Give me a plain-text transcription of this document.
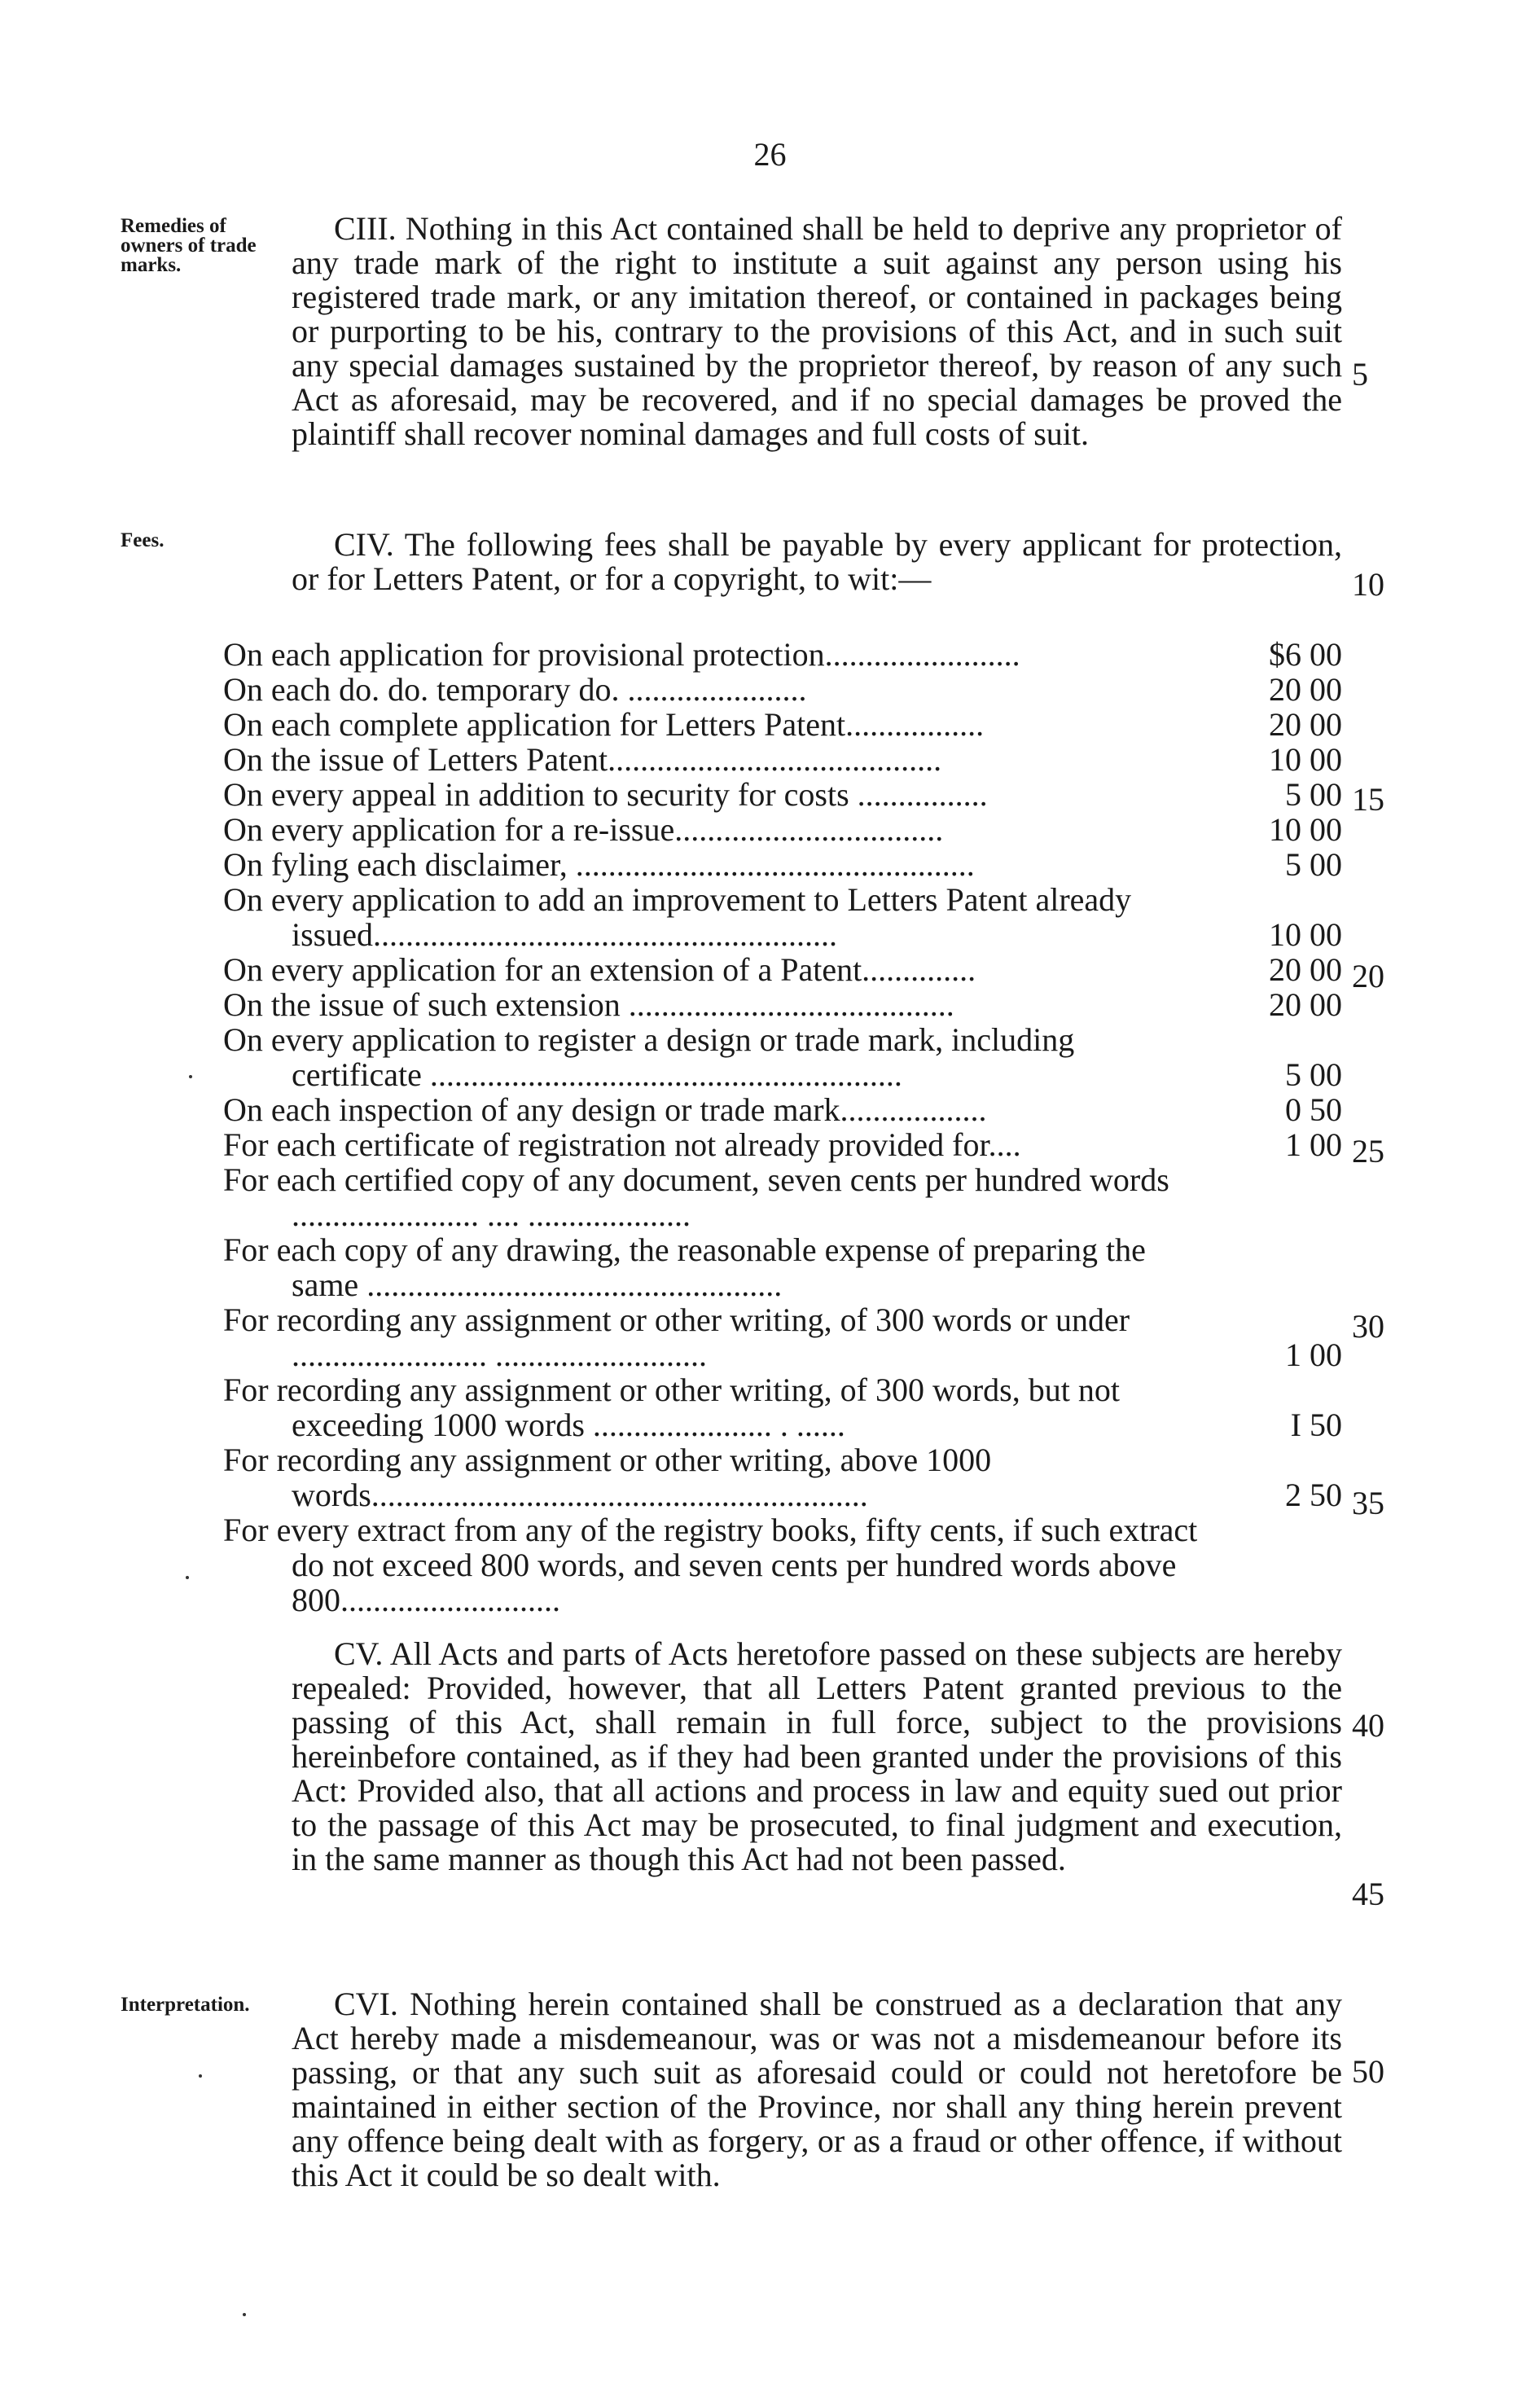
26
Remedies of owners of trade marks.
Fees.
Interpretation.

CIII. Nothing in this Act contained shall be held to deprive any proprietor of any trade mark of the right to institute a suit against any person using his registered trade mark, or any imitation thereof, or contained in packages being or purporting to be his, contrary to the provisions of this Act, and in such suit any special damages sustained by the proprietor thereof, by reason of any such Act as aforesaid, may be recovered, and if no special damages be proved the plaintiff shall recover nominal damages and full costs of suit.

CIV. The following fees shall be payable by every applicant for protection, or for Letters Patent, or for a copyright, to wit:—

On each application for provisional protection........................	$6 00
On each do. do. temporary do. ......................	20 00
On each complete application for Letters Patent.................	20 00
On the issue of Letters Patent.........................................	10 00
On every appeal in addition to security for costs ................	5 00
On every application for a re-issue.................................	10 00
On fyling each disclaimer, .................................................	5 00
On every application to add an improvement to Letters Patent already issued.........................................................	10 00
On every application for an extension of a Patent..............	20 00
On the issue of such extension ........................................	20 00
On every application to register a design or trade mark, including certificate ..........................................................	5 00
On each inspection of any design or trade mark..................	0 50
For each certificate of registration not already provided for....	1 00
For each certified copy of any document, seven cents per hundred words ....................... .... ....................	
For each copy of any drawing, the reasonable expense of preparing the same ...................................................	
For recording any assignment or other writing, of 300 words or under ........................ ..........................	1 00
For recording any assignment or other writing, of 300 words, but not exceeding 1000 words ...................... . ......	I 50
For recording any assignment or other writing, above 1000 words.............................................................	2 50
For every extract from any of the registry books, fifty cents, if such extract do not exceed 800 words, and seven cents per hundred words above 800...........................	

CV. All Acts and parts of Acts heretofore passed on these subjects are hereby repealed: Provided, however, that all Letters Patent granted previous to the passing of this Act, shall remain in full force, subject to the provisions hereinbefore contained, as if they had been granted under the provisions of this Act: Provided also, that all actions and process in law and equity sued out prior to the passage of this Act may be prosecuted, to final judgment and execution, in the same manner as though this Act had not been passed.

CVI. Nothing herein contained shall be construed as a declaration that any Act hereby made a misdemeanour, was or was not a misdemeanour before its passing, or that any such suit as aforesaid could or could not heretofore be maintained in either section of the Province, nor shall any thing herein prevent any offence being dealt with as forgery, or as a fraud or other offence, if without this Act it could be so dealt with.

5
10
15
20
25
30
35
40
45
50
